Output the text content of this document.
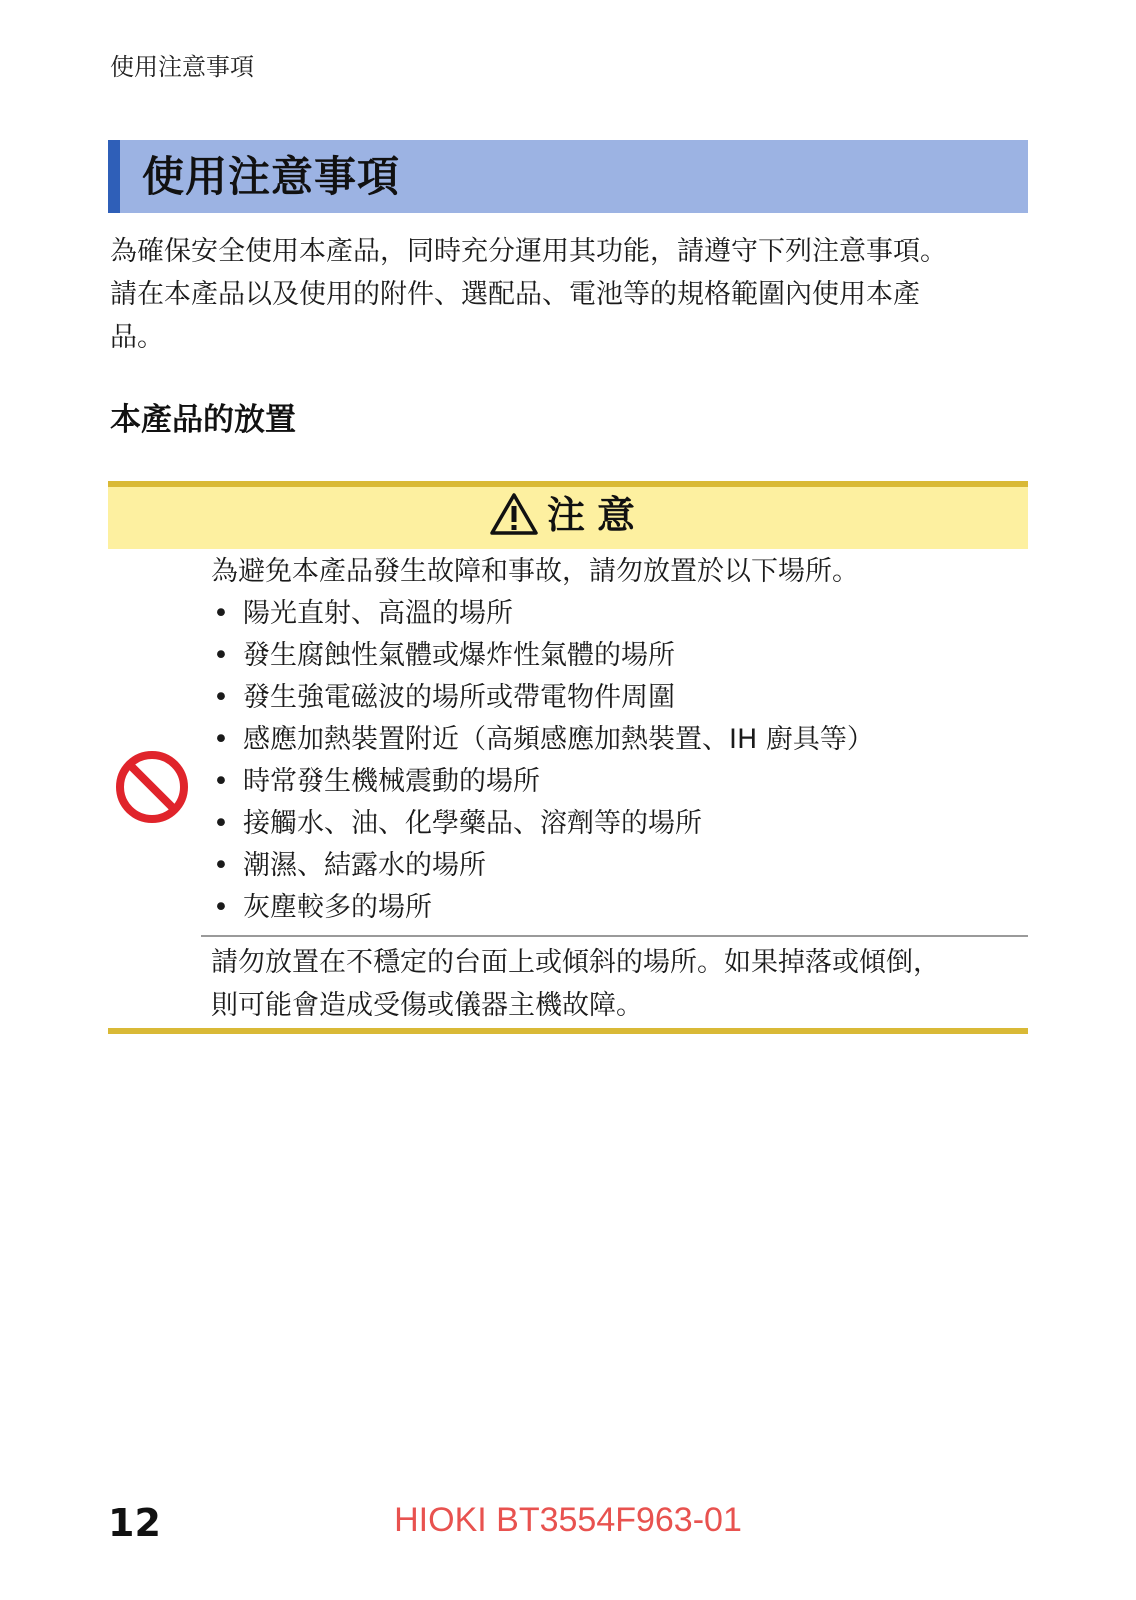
使用注意事項
使用注意事項

為確保安全使用本產品，同時充分運用其功能，請遵守下列注意事項。
請在本產品以及使用的附件、選配品、電池等的規格範圍內使用本產
品。

本產品的放置
注意

為避免本產品發生故障和事故，請勿放置於以下場所。

• 陽光直射、高溫的場所
• 發生腐蝕性氣體或爆炸性氣體的場所
• 發生強電磁波的場所或帶電物件周圍
• 感應加熱裝置附近（高頻感應加熱裝置、IH 廚具等）
• 時常發生機械震動的場所
• 接觸水、油、化學藥品、溶劑等的場所
• 潮濕、結露水的場所
• 灰塵較多的場所

請勿放置在不穩定的台面上或傾斜的場所。如果掉落或傾倒，
則可能會造成受傷或儀器主機故障。

12	HIOKI BT3554F963-01
